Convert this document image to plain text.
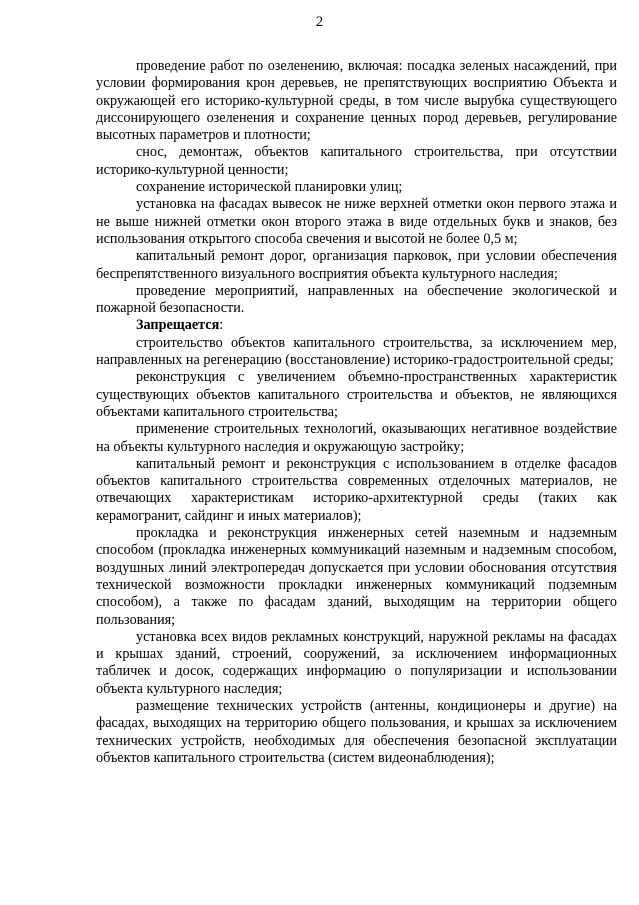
2

проведение работ по озеленению, включая: посадка зеленых насаждений, при условии формирования крон деревьев, не препятствующих восприятию Объекта и окружающей его историко-культурной среды, в том числе вырубка существующего диссонирующего озеленения и сохранение ценных пород деревьев, регулирование высотных параметров и плотности;

снос, демонтаж, объектов капитального строительства, при отсутствии историко-культурной ценности;

сохранение исторической планировки улиц;

установка на фасадах вывесок не ниже верхней отметки окон первого этажа и не выше нижней отметки окон второго этажа в виде отдельных букв и знаков, без использования открытого способа свечения и высотой не более 0,5 м;

капитальный ремонт дорог, организация парковок, при условии обеспечения беспрепятственного визуального восприятия объекта культурного наследия;

проведение мероприятий, направленных на обеспечение экологической и пожарной безопасности.

Запрещается:

строительство объектов капитального строительства, за исключением мер, направленных на регенерацию (восстановление) историко-градостроительной среды;

реконструкция с увеличением объемно-пространственных характеристик существующих объектов капитального строительства и объектов, не являющихся объектами капитального строительства;

применение строительных технологий, оказывающих негативное воздействие на объекты культурного наследия и окружающую застройку;

капитальный ремонт и реконструкция с использованием в отделке фасадов объектов капитального строительства современных отделочных материалов, не отвечающих характеристикам историко-архитектурной среды (таких как керамогранит, сайдинг и иных материалов);

прокладка и реконструкция инженерных сетей наземным и надземным способом (прокладка инженерных коммуникаций наземным и надземным способом, воздушных линий электропередач допускается при условии обоснования отсутствия технической возможности прокладки инженерных коммуникаций подземным способом), а также по фасадам зданий, выходящим на территории общего пользования;

установка всех видов рекламных конструкций, наружной рекламы на фасадах и крышах зданий, строений, сооружений, за исключением информационных табличек и досок, содержащих информацию о популяризации и использовании объекта культурного наследия;

размещение технических устройств (антенны, кондиционеры и другие) на фасадах, выходящих на территорию общего пользования, и крышах за исключением технических устройств, необходимых для обеспечения безопасной эксплуатации объектов капитального строительства (систем видеонаблюдения);
